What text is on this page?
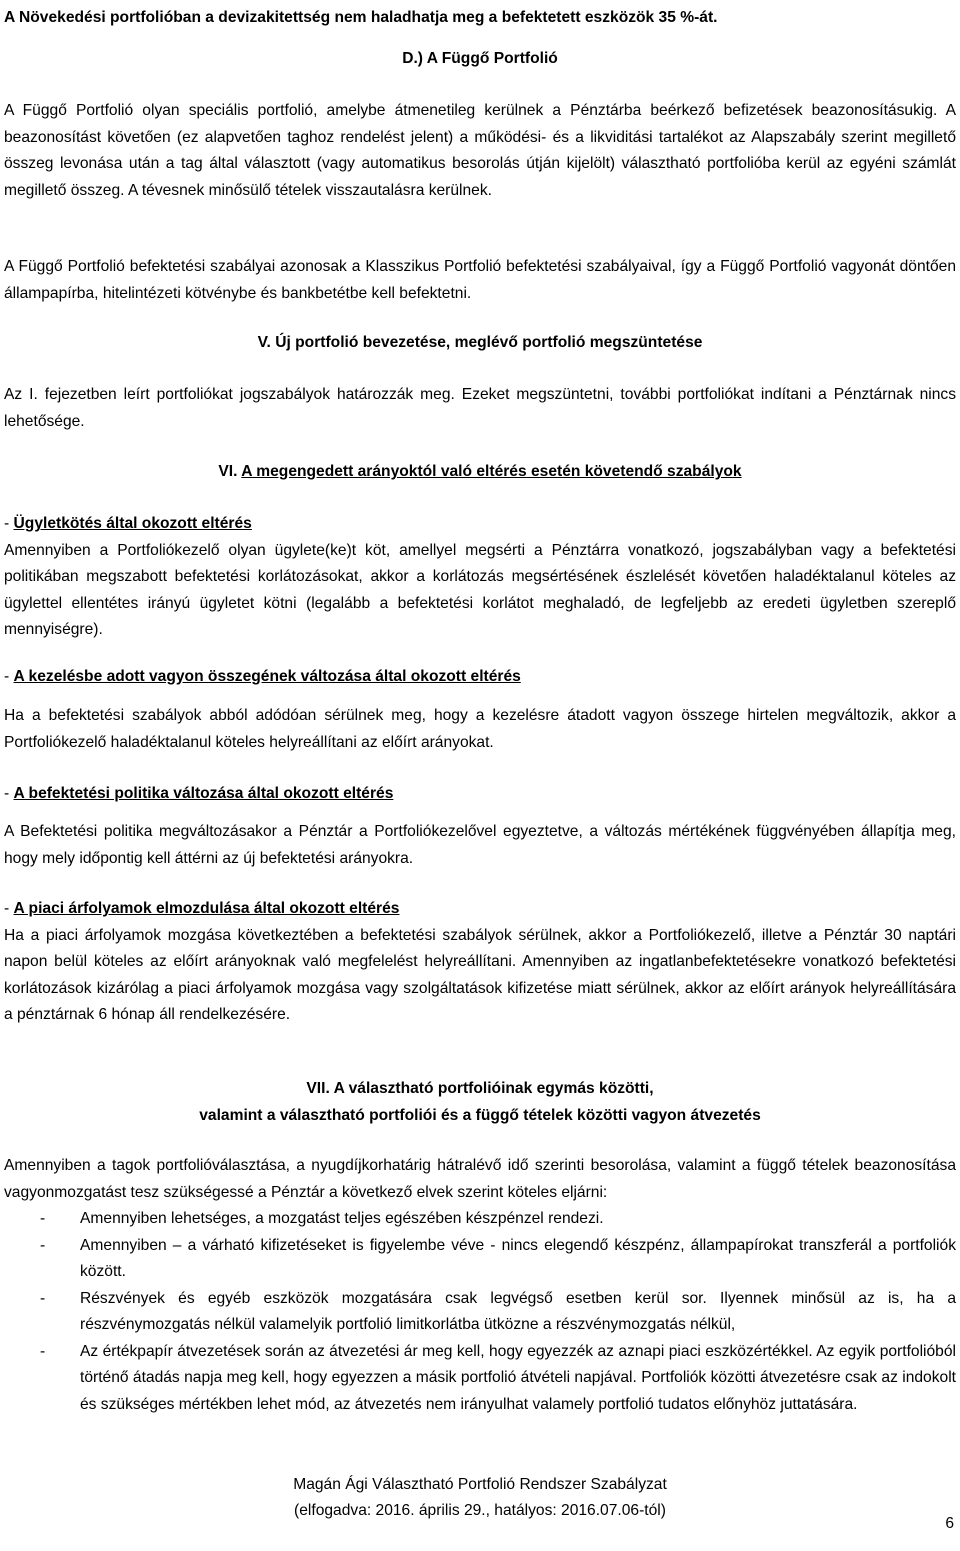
A Növekedési portfolióban a devizakitettség nem haladhatja meg a befektetett eszközök 35 %-át.

D.) A Függő Portfolió

A Függő Portfolió olyan speciális portfolió, amelybe átmenetileg kerülnek a Pénztárba beérkező befizetések beazonosításukig. A beazonosítást követően (ez alapvetően taghoz rendelést jelent) a működési- és a likviditási tartalékot az Alapszabály szerint megillető összeg levonása után a tag által választott (vagy automatikus besorolás útján kijelölt) választható portfolióba kerül az egyéni számlát megillető összeg. A tévesnek minősülő tételek visszautalásra kerülnek.

A Függő Portfolió befektetési szabályai azonosak a Klasszikus Portfolió befektetési szabályaival, így a Függő Portfolió vagyonát döntően állampapírba, hitelintézeti kötvénybe és bankbetétbe kell befektetni.

V. Új portfolió bevezetése, meglévő portfolió megszüntetése

Az I. fejezetben leírt portfoliókat jogszabályok határozzák meg. Ezeket megszüntetni, további portfoliókat indítani a Pénztárnak nincs lehetősége.

VI. A megengedett arányoktól való eltérés esetén követendő szabályok

- Ügyletkötés által okozott eltérés

Amennyiben a Portfoliókezelő olyan ügylete(ke)t köt, amellyel megsérti a Pénztárra vonatkozó, jogszabályban vagy a befektetési politikában megszabott befektetési korlátozásokat, akkor a korlátozás megsértésének észlelését követően haladéktalanul köteles az ügylettel ellentétes irányú ügyletet kötni (legalább a befektetési korlátot meghaladó, de legfeljebb az eredeti ügyletben szereplő mennyiségre).

- A kezelésbe adott vagyon összegének változása által okozott eltérés

Ha a befektetési szabályok abból adódóan sérülnek meg, hogy a kezelésre átadott vagyon összege hirtelen megváltozik, akkor a Portfoliókezelő haladéktalanul köteles helyreállítani az előírt arányokat.

- A befektetési politika változása által okozott eltérés

A Befektetési politika megváltozásakor a Pénztár a Portfoliókezelővel egyeztetve, a változás mértékének függvényében állapítja meg, hogy mely időpontig kell áttérni az új befektetési arányokra.

- A piaci árfolyamok elmozdulása által okozott eltérés

Ha a piaci árfolyamok mozgása következtében a befektetési szabályok sérülnek, akkor a Portfoliókezelő, illetve a Pénztár 30 naptári napon belül köteles az előírt arányoknak való megfelelést helyreállítani. Amennyiben az ingatlanbefektetésekre vonatkozó befektetési korlátozások kizárólag a piaci árfolyamok mozgása vagy szolgáltatások kifizetése miatt sérülnek, akkor az előírt arányok helyreállítására a pénztárnak 6 hónap áll rendelkezésére.

VII. A választható portfolióinak egymás közötti,

valamint a választható portfoliói és a függő tételek közötti vagyon átvezetés

Amennyiben a tagok portfolióválasztása, a nyugdíjkorhatárig hátralévő idő szerinti besorolása, valamint a függő tételek beazonosítása vagyonmozgatást tesz szükségessé a Pénztár a következő elvek szerint köteles eljárni:

- Amennyiben lehetséges, a mozgatást teljes egészében készpénzel rendezi.
- Amennyiben – a várható kifizetéseket is figyelembe véve - nincs elegendő készpénz, állampapírokat transzferál a portfoliók között.
- Részvények és egyéb eszközök mozgatására csak legvégső esetben kerül sor. Ilyennek minősül az is, ha a részvénymozgatás nélkül valamelyik portfolió limitkorlátba ütközne a részvénymozgatás nélkül,
- Az értékpapír átvezetések során az átvezetési ár meg kell, hogy egyezzék az aznapi piaci eszközértékkel. Az egyik portfolióból történő átadás napja meg kell, hogy egyezzen a másik portfolió átvételi napjával. Portfoliók közötti átvezetésre csak az indokolt és szükséges mértékben lehet mód, az átvezetés nem irányulhat valamely portfolió tudatos előnyhöz juttatására.
Magán Ági Választható Portfolió Rendszer Szabályzat
(elfogadva: 2016. április 29., hatályos: 2016.07.06-tól)
6
